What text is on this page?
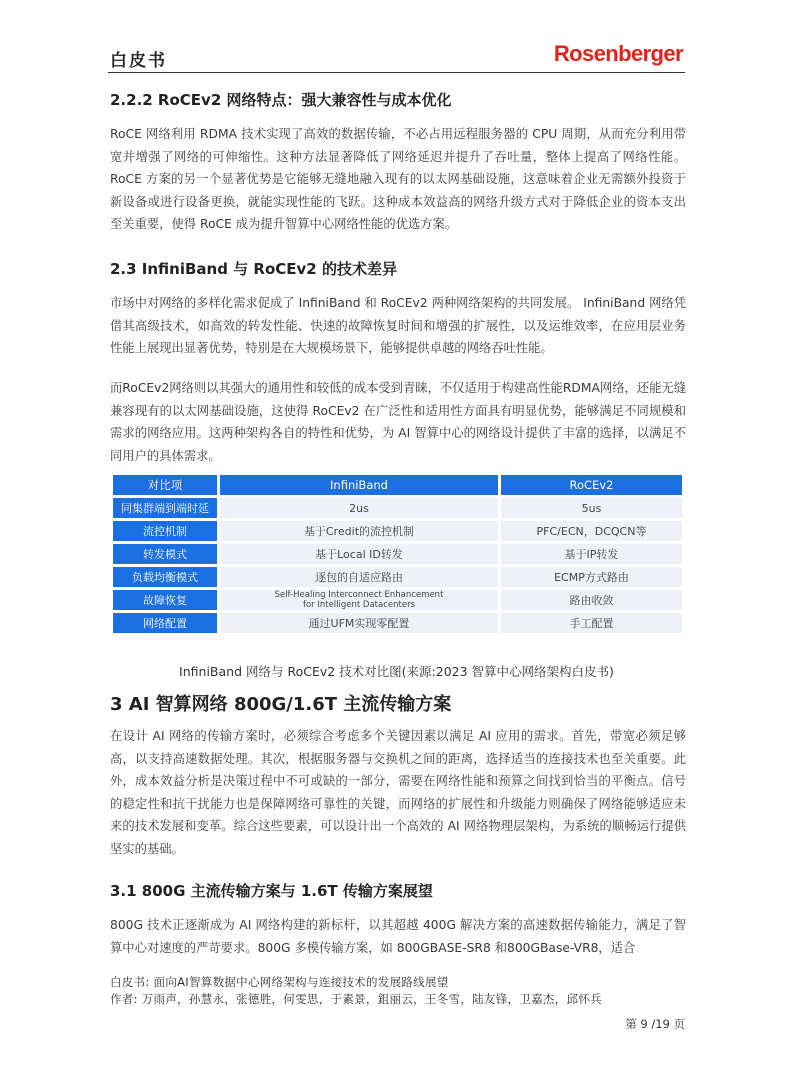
白皮书	Rosenberger
2.2.2 RoCEv2 网络特点：强大兼容性与成本优化
RoCE 网络利用 RDMA 技术实现了高效的数据传输，不必占用远程服务器的 CPU 周期，从而充分利用带宽并增强了网络的可伸缩性。这种方法显著降低了网络延迟并提升了吞吐量，整体上提高了网络性能。RoCE 方案的另一个显著优势是它能够无缝地融入现有的以太网基础设施，这意味着企业无需额外投资于新设备或进行设备更换，就能实现性能的飞跃。这种成本效益高的网络升级方式对于降低企业的资本支出至关重要，使得 RoCE 成为提升智算中心网络性能的优选方案。
2.3 InfiniBand 与 RoCEv2 的技术差异
市场中对网络的多样化需求促成了 InfiniBand 和 RoCEv2 两种网络架构的共同发展。 InfiniBand 网络凭借其高级技术，如高效的转发性能、快速的故障恢复时间和增强的扩展性，以及运维效率，在应用层业务性能上展现出显著优势，特别是在大规模场景下，能够提供卓越的网络吞吐性能。
而RoCEv2网络则以其强大的通用性和较低的成本受到青睐，不仅适用于构建高性能RDMA网络，还能无缝兼容现有的以太网基础设施，这使得 RoCEv2 在广泛性和适用性方面具有明显优势，能够满足不同规模和需求的网络应用。这两种架构各自的特性和优势，为 AI 智算中心的网络设计提供了丰富的选择，以满足不同用户的具体需求。
对比项	InfiniBand	RoCEv2
同集群端到端时延	2us	5us
流控机制	基于Credit的流控机制	PFC/ECN，DCQCN等
转发模式	基于Local ID转发	基于IP转发
负载均衡模式	逐包的自适应路由	ECMP方式路由
故障恢复	Self-Healing Interconnect Enhancement
for Intelligent Datacenters	路由收敛
网络配置	通过UFM实现零配置	手工配置
InfiniBand 网络与 RoCEv2 技术对比图(来源:2023 智算中心网络架构白皮书)
3 AI 智算网络 800G/1.6T 主流传输方案
在设计 AI 网络的传输方案时，必须综合考虑多个关键因素以满足 AI 应用的需求。首先，带宽必须足够高，以支持高速数据处理。其次，根据服务器与交换机之间的距离，选择适当的连接技术也至关重要。此外，成本效益分析是决策过程中不可或缺的一部分，需要在网络性能和预算之间找到恰当的平衡点。信号的稳定性和抗干扰能力也是保障网络可靠性的关键，而网络的扩展性和升级能力则确保了网络能够适应未来的技术发展和变革。综合这些要素，可以设计出一个高效的 AI 网络物理层架构，为系统的顺畅运行提供坚实的基础。
3.1 800G 主流传输方案与 1.6T 传输方案展望
800G 技术正逐渐成为 AI 网络构建的新标杆，以其超越 400G 解决方案的高速数据传输能力，满足了智算中心对速度的严苛要求。800G 多模传输方案，如 800GBASE-SR8 和800GBase-VR8，适合
白皮书: 面向AI智算数据中心网络架构与连接技术的发展路线展望
作者: 万雨声，孙慧永，张德胜，何雯思，于素景，鉏丽云，王冬雪，陆友锋，卫嘉杰，邱怀兵
第 9 /19 页
